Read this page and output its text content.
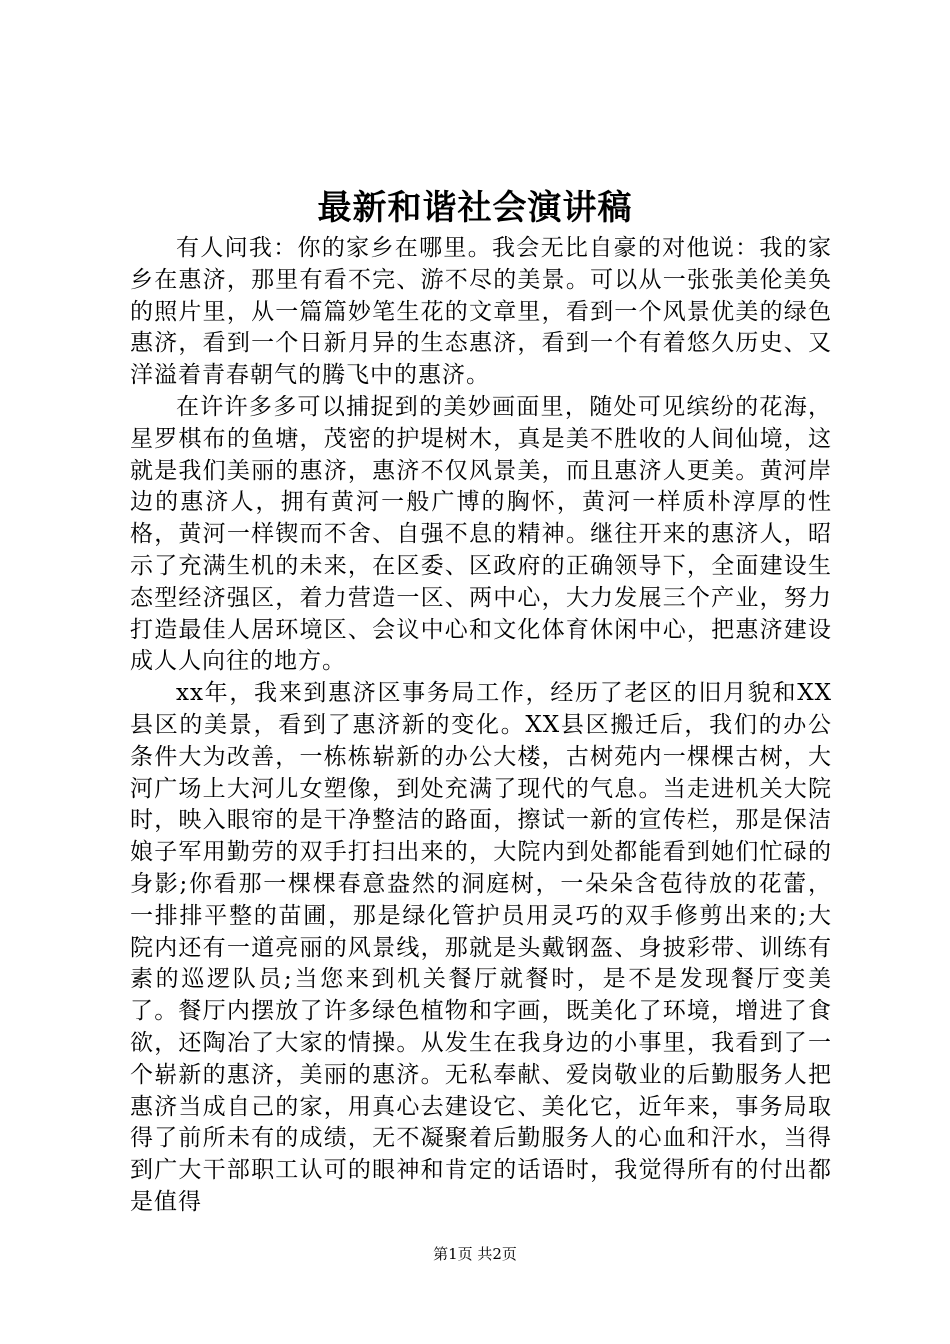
最新和谐社会演讲稿

有人问我：你的家乡在哪里。我会无比自豪的对他说：我的家乡在惠济，那里有看不完、游不尽的美景。可以从一张张美伦美奂的照片里，从一篇篇妙笔生花的文章里，看到一个风景优美的绿色惠济，看到一个日新月异的生态惠济，看到一个有着悠久历史、又洋溢着青春朝气的腾飞中的惠济。

在许许多多可以捕捉到的美妙画面里，随处可见缤纷的花海，星罗棋布的鱼塘，茂密的护堤树木，真是美不胜收的人间仙境，这就是我们美丽的惠济，惠济不仅风景美，而且惠济人更美。黄河岸边的惠济人，拥有黄河一般广博的胸怀，黄河一样质朴淳厚的性格，黄河一样锲而不舍、自强不息的精神。继往开来的惠济人，昭示了充满生机的未来，在区委、区政府的正确领导下，全面建设生态型经济强区，着力营造一区、两中心，大力发展三个产业，努力打造最佳人居环境区、会议中心和文化体育休闲中心，把惠济建设成人人向往的地方。

xx年，我来到惠济区事务局工作，经历了老区的旧月貌和XX县区的美景，看到了惠济新的变化。XX县区搬迁后，我们的办公条件大为改善，一栋栋崭新的办公大楼，古树苑内一棵棵古树，大河广场上大河儿女塑像，到处充满了现代的气息。当走进机关大院时，映入眼帘的是干净整洁的路面，擦试一新的宣传栏，那是保洁娘子军用勤劳的双手打扫出来的，大院内到处都能看到她们忙碌的身影;你看那一棵棵春意盎然的洞庭树，一朵朵含苞待放的花蕾，一排排平整的苗圃，那是绿化管护员用灵巧的双手修剪出来的;大院内还有一道亮丽的风景线，那就是头戴钢盔、身披彩带、训练有素的巡逻队员;当您来到机关餐厅就餐时，是不是发现餐厅变美了。餐厅内摆放了许多绿色植物和字画，既美化了环境，增进了食欲，还陶冶了大家的情操。从发生在我身边的小事里，我看到了一个崭新的惠济，美丽的惠济。无私奉献、爱岗敬业的后勤服务人把惠济当成自己的家，用真心去建设它、美化它，近年来，事务局取得了前所未有的成绩，无不凝聚着后勤服务人的心血和汗水，当得到广大干部职工认可的眼神和肯定的话语时，我觉得所有的付出都是值得

第1页 共2页
